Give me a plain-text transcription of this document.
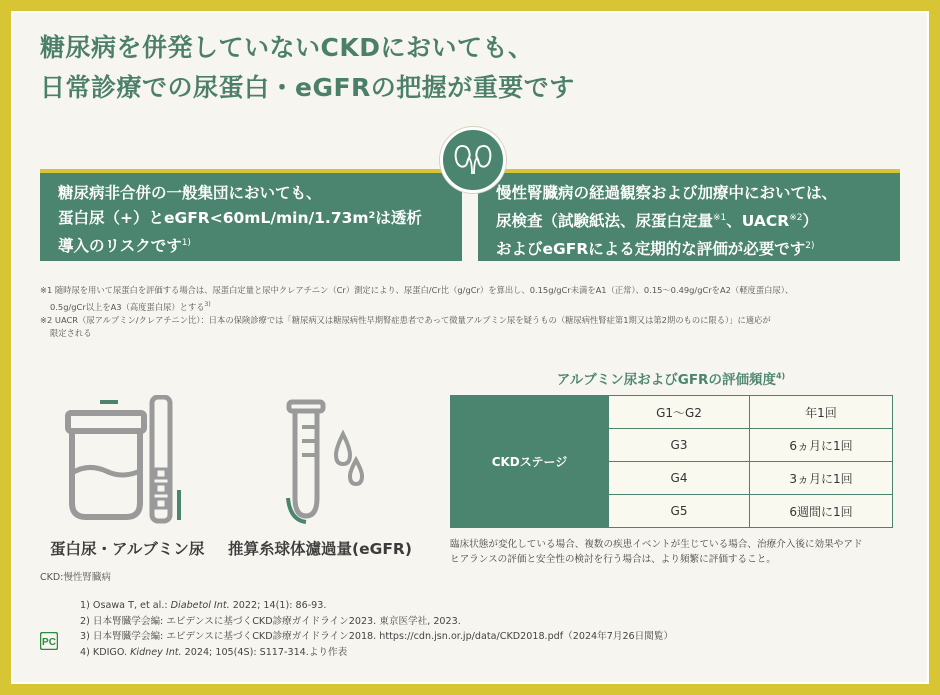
糖尿病を併発していないCKDにおいても、
日常診療での尿蛋白・eGFRの把握が重要です
糖尿病非合併の一般集団においても、
蛋白尿（+）とeGFR<60mL/min/1.73m²は透析
導入のリスクです$^{1)}$
慢性腎臓病の経過観察および加療中においては、
尿検査（試験紙法、尿蛋白定量$^{※1}$、UACR$^{※2}$）
およびeGFRによる定期的な評価が必要です$^{2)}$
※1 随時尿を用いて尿蛋白を評価する場合は、尿蛋白定量と尿中クレアチニン（Cr）測定により、尿蛋白/Cr比（g/gCr）を算出し、0.15g/gCr未満をA1（正常）、0.15～0.49g/gCrをA2（軽度蛋白尿）、
0.5g/gCr以上をA3（高度蛋白尿）とする$^{3)}$
※2 UACR（尿アルブミン/クレアチニン比）：日本の保険診療では「糖尿病又は糖尿病性早期腎症患者であって微量アルブミン尿を疑うもの（糖尿病性腎症第1期又は第2期のものに限る）」に適応が
限定される
蛋白尿・アルブミン尿 推算糸球体濾過量(eGFR)
CKD:慢性腎臓病
アルブミン尿およびGFRの評価頻度$^{4)}$
CKDステージ	G1～G2	年1回
	G3	6ヵ月に1回
	G4	3ヵ月に1回
	G5	6週間に1回
臨床状態が変化している場合、複数の疾患イベントが生じている場合、治療介入後に効果やアド
ヒアランスの評価と安全性の検討を行う場合は、より頻繁に評価すること。
1) Osawa T, et al.: Diabetol Int. 2022; 14(1): 86-93.
2) 日本腎臓学会編: エビデンスに基づくCKD診療ガイドライン2023. 東京医学社, 2023.
3) 日本腎臓学会編: エビデンスに基づくCKD診療ガイドライン2018. https://cdn.jsn.or.jp/data/CKD2018.pdf（2024年7月26日閲覧）
4) KDIGO. Kidney Int. 2024; 105(4S): S117-314.より作表
PC
